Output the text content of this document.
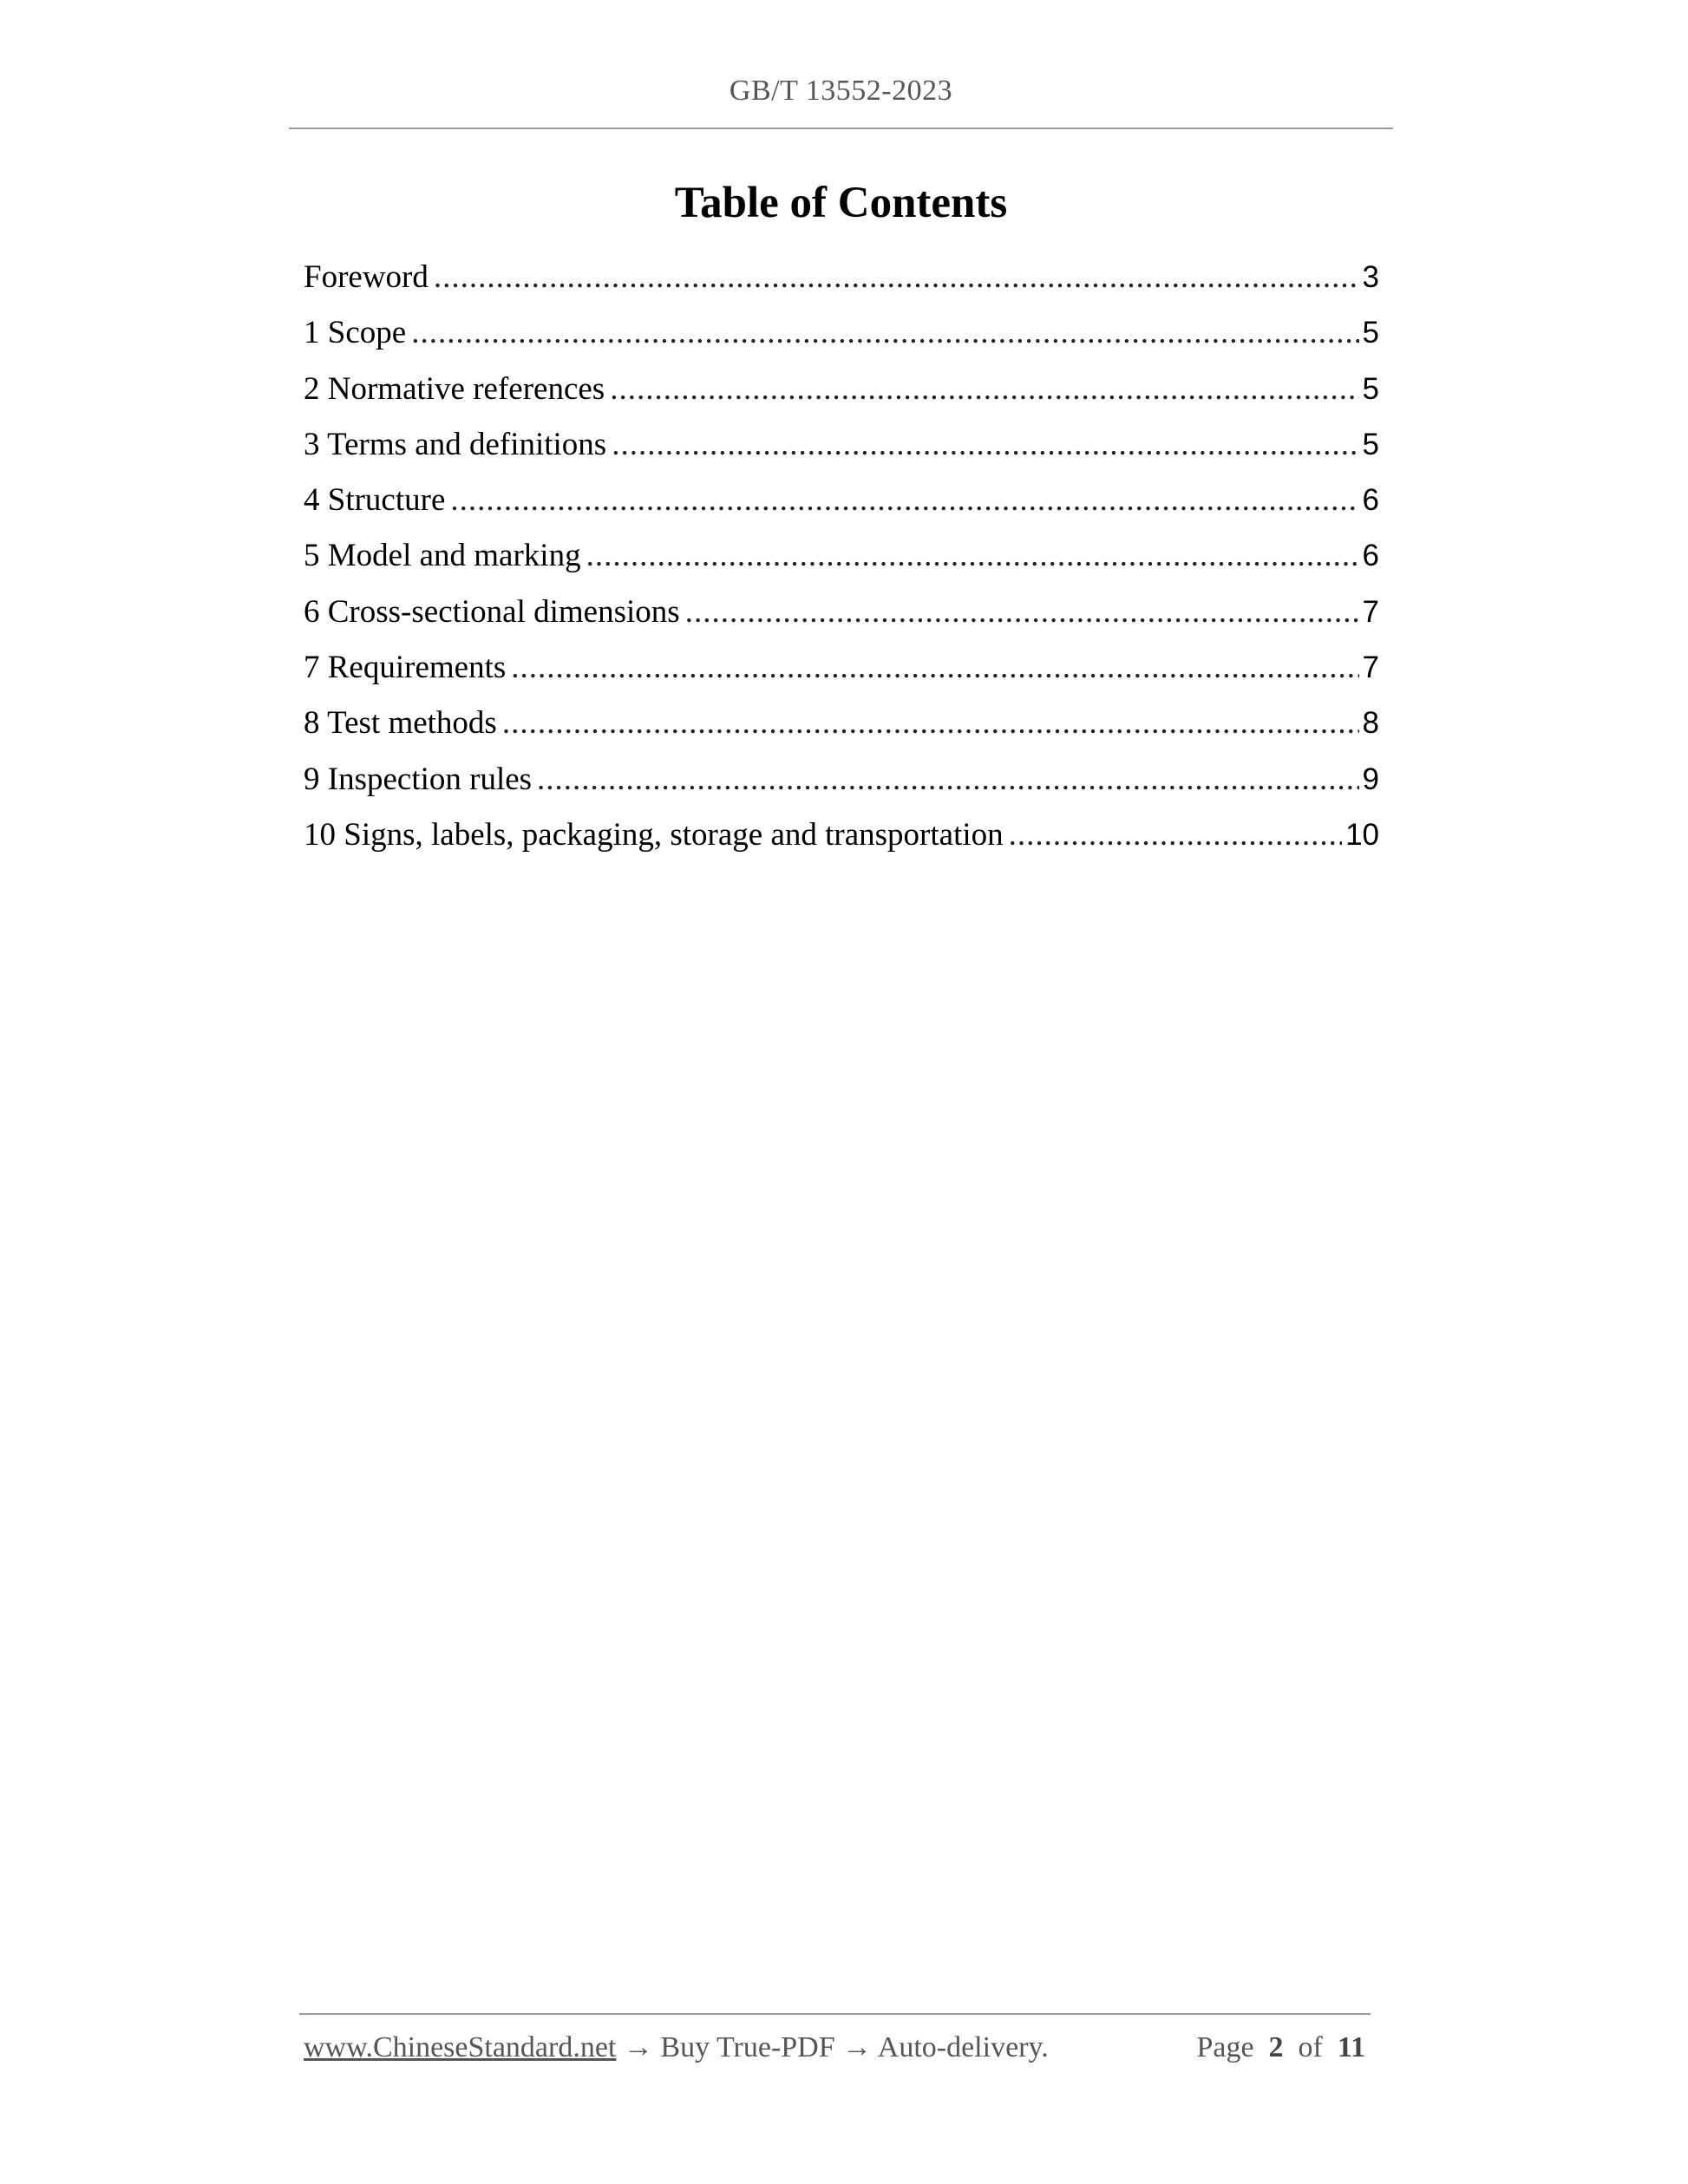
GB/T 13552-2023
Table of Contents
Foreword .....	3
1 Scope .....	5
2 Normative references .....	5
3 Terms and definitions .....	5
4 Structure .....	6
5 Model and marking .....	6
6 Cross-sectional dimensions .....	7
7 Requirements .....	7
8 Test methods .....	8
9 Inspection rules .....	9
10 Signs, labels, packaging, storage and transportation .....	10
www.ChineseStandard.net → Buy True-PDF → Auto-delivery.	Page 2 of 11
